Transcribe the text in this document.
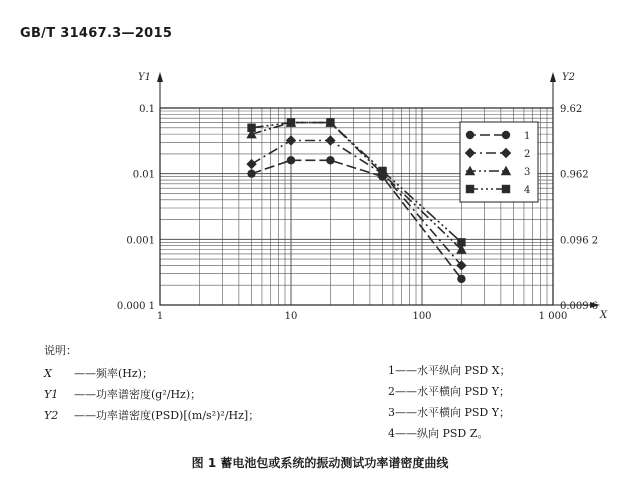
GB/T 31467.3—2015
Y1	Y2
X
0.1
0.01
0.001
0.000 1
9.62
0.962
0.096 2
0.009 6
1	10	100	1 000
1
2
3
4
说明：
X ——频率(Hz)；
Y1 ——功率谱密度(g²/Hz)；
Y2 ——功率谱密度(PSD)[(m/s²)²/Hz]；
1——水平纵向 PSD X；
2——水平横向 PSD Y；
3——水平横向 PSD Y；
4——纵向 PSD Z。
图 1 蓄电池包或系统的振动测试功率谱密度曲线
